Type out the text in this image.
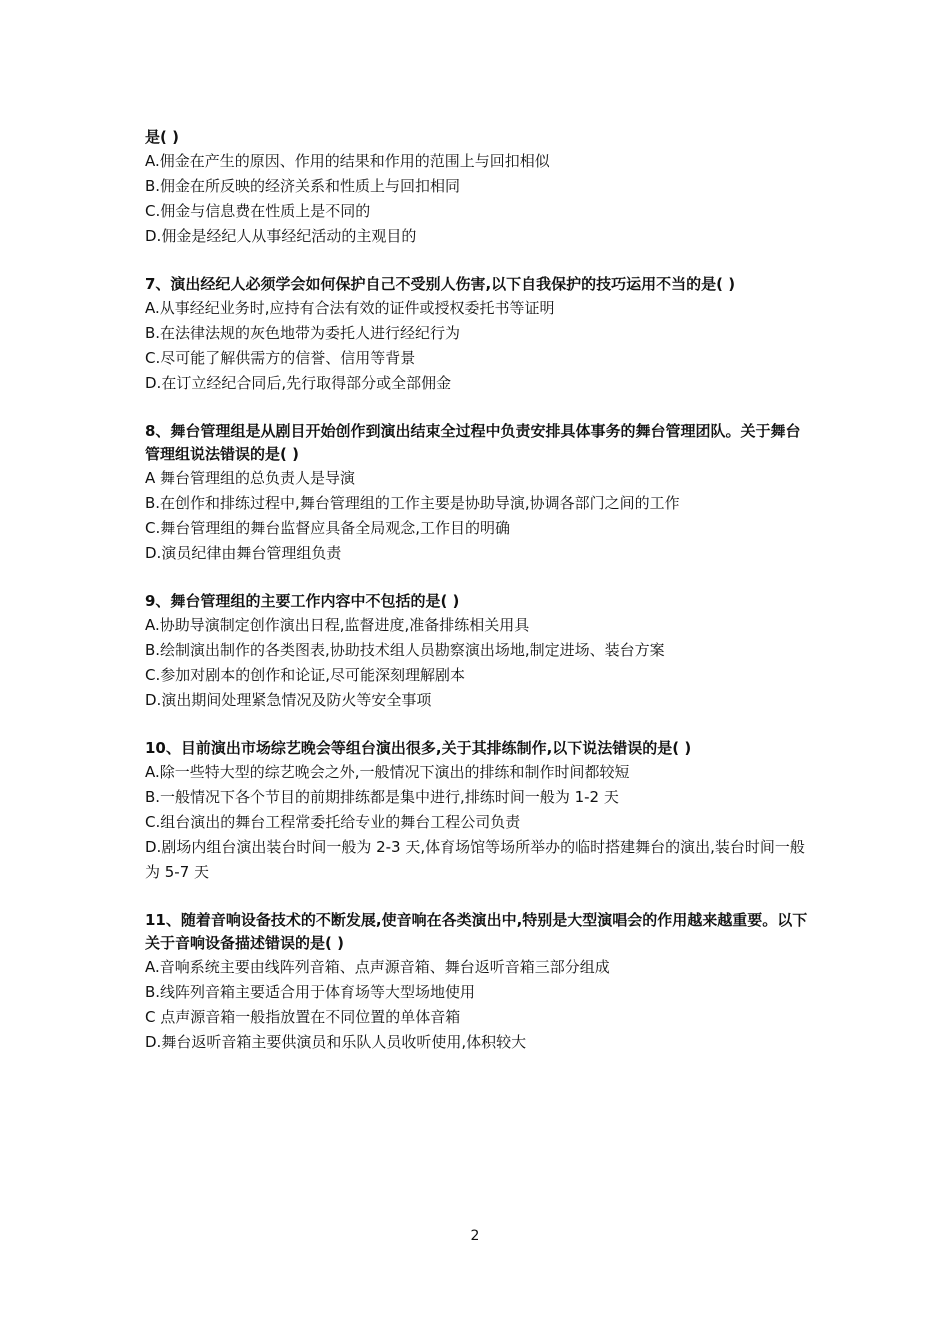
是( )

A.佣金在产生的原因、作用的结果和作用的范围上与回扣相似

B.佣金在所反映的经济关系和性质上与回扣相同

C.佣金与信息费在性质上是不同的

D.佣金是经纪人从事经纪活动的主观目的

7、演出经纪人必须学会如何保护自己不受别人伤害,以下自我保护的技巧运用不当的是( )

A.从事经纪业务时,应持有合法有效的证件或授权委托书等证明

B.在法律法规的灰色地带为委托人进行经纪行为

C.尽可能了解供需方的信誉、信用等背景

D.在订立经纪合同后,先行取得部分或全部佣金

8、舞台管理组是从剧目开始创作到演出结束全过程中负责安排具体事务的舞台管理团队。关于舞台管理组说法错误的是( )

A 舞台管理组的总负责人是导演

B.在创作和排练过程中,舞台管理组的工作主要是协助导演,协调各部门之间的工作

C.舞台管理组的舞台监督应具备全局观念,工作目的明确

D.演员纪律由舞台管理组负责

9、舞台管理组的主要工作内容中不包括的是( )

A.协助导演制定创作演出日程,监督进度,准备排练相关用具

B.绘制演出制作的各类图表,协助技术组人员勘察演出场地,制定进场、装台方案

C.参加对剧本的创作和论证,尽可能深刻理解剧本

D.演出期间处理紧急情况及防火等安全事项

10、目前演出市场综艺晚会等组台演出很多,关于其排练制作,以下说法错误的是( )

A.除一些特大型的综艺晚会之外,一般情况下演出的排练和制作时间都较短

B.一般情况下各个节目的前期排练都是集中进行,排练时间一般为 1-2 天

C.组台演出的舞台工程常委托给专业的舞台工程公司负责

D.剧场内组台演出装台时间一般为 2-3 天,体育场馆等场所举办的临时搭建舞台的演出,装台时间一般为 5-7 天

11、随着音响设备技术的不断发展,使音响在各类演出中,特别是大型演唱会的作用越来越重要。以下关于音响设备描述错误的是( )

A.音响系统主要由线阵列音箱、点声源音箱、舞台返听音箱三部分组成

B.线阵列音箱主要适合用于体育场等大型场地使用

C 点声源音箱一般指放置在不同位置的单体音箱

D.舞台返听音箱主要供演员和乐队人员收听使用,体积较大

2
